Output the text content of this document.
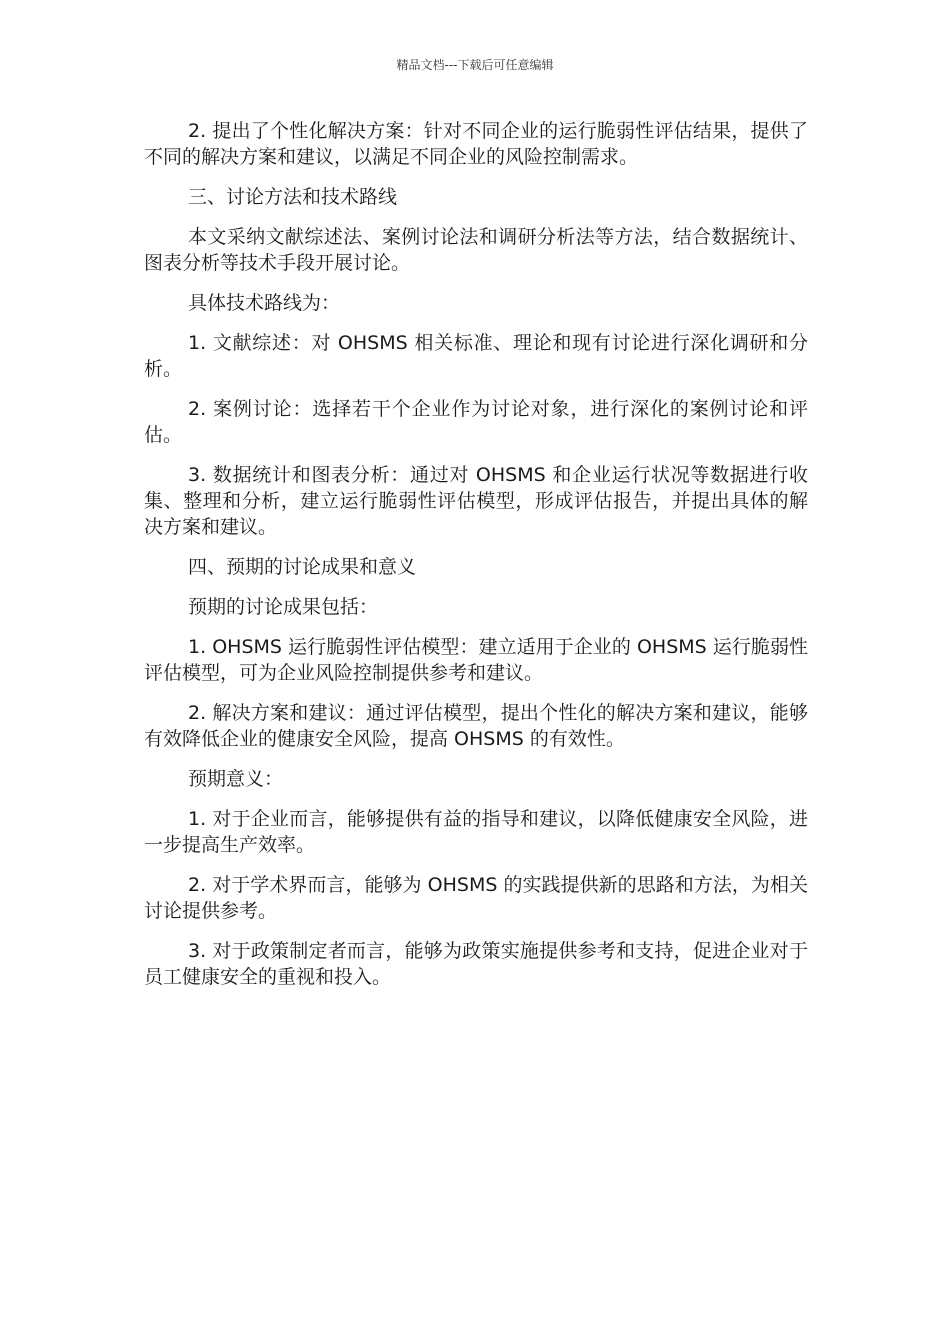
精品文档---下载后可任意编辑

2. 提出了个性化解决方案：针对不同企业的运行脆弱性评估结果，提供了不同的解决方案和建议，以满足不同企业的风险控制需求。

三、讨论方法和技术路线

本文采纳文献综述法、案例讨论法和调研分析法等方法，结合数据统计、图表分析等技术手段开展讨论。

具体技术路线为：

1. 文献综述：对 OHSMS 相关标准、理论和现有讨论进行深化调研和分析。

2. 案例讨论：选择若干个企业作为讨论对象，进行深化的案例讨论和评估。

3. 数据统计和图表分析：通过对 OHSMS 和企业运行状况等数据进行收集、整理和分析，建立运行脆弱性评估模型，形成评估报告，并提出具体的解决方案和建议。

四、预期的讨论成果和意义

预期的讨论成果包括：

1. OHSMS 运行脆弱性评估模型：建立适用于企业的 OHSMS 运行脆弱性评估模型，可为企业风险控制提供参考和建议。

2. 解决方案和建议：通过评估模型，提出个性化的解决方案和建议，能够有效降低企业的健康安全风险，提高 OHSMS 的有效性。

预期意义：

1. 对于企业而言，能够提供有益的指导和建议，以降低健康安全风险，进一步提高生产效率。

2. 对于学术界而言，能够为 OHSMS 的实践提供新的思路和方法，为相关讨论提供参考。

3. 对于政策制定者而言，能够为政策实施提供参考和支持，促进企业对于员工健康安全的重视和投入。
